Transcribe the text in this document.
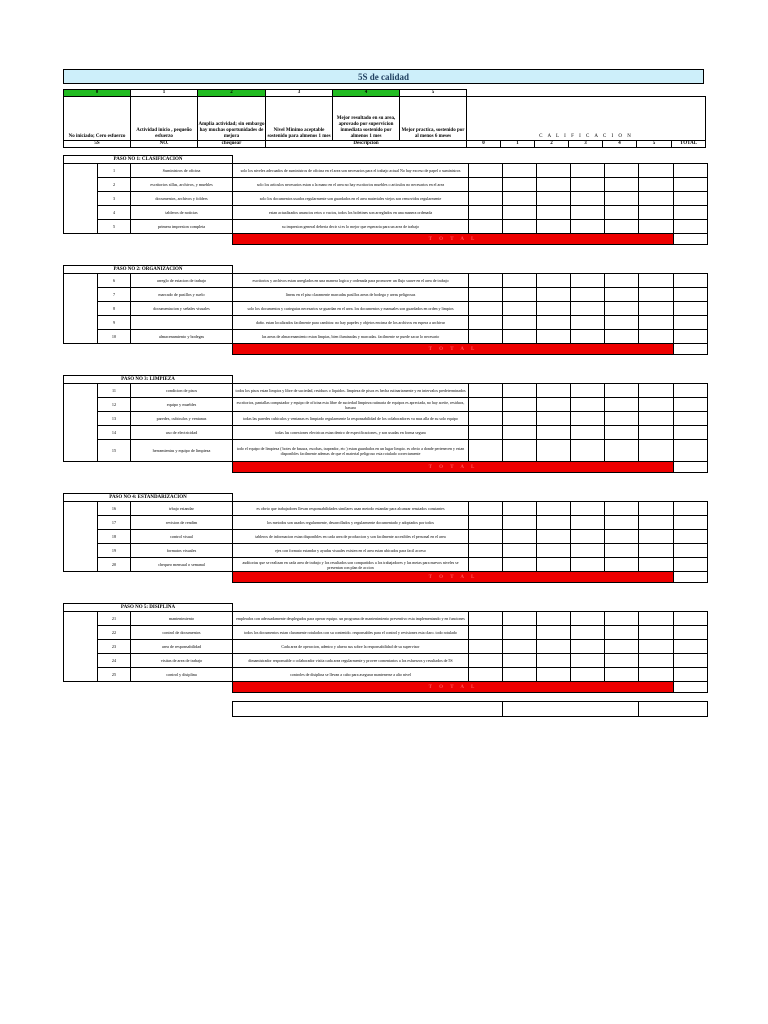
5S de calidad
0	1	2	3	4	5							
No iniciado; Cero esfuerzo	Actividad inicio , pequeño esfuerzo	Amplia actividad; sin embargo hay muchas oportunidades de mejora	Nivel Minimo aceptable sostenido para almenos 1 mes	Mejor resultado en su area, aprovado por supervicion inmediata sostenido por almenos 1 mes	Mejor practica, sostenido por al menos 6 meses	C A L I F I C A C I O N						
5S	NO.	chequear	Descripcion			0	1	2	3	4	5	TOTAL
PASO NO 1: CLASIFICACION										
	1	Suministros de oficina	solo los niveles adecuados de suministros de oficina en el area son necesarios para el trabajo actual No hay exceso de papel o suministros							
	2	escritorios sillas, archivos, y muebles	solo los articulos necesarios estan a la mano en el area no hay escritorios muebles o articulos no necesarios en el area							
	3	documentos, archivos y folders	solo los documentos usados regularmente son guardados en el area materiales viejos son removidos regularmente							
	4	tableros de noticias	estan actualizados anuncios retos o vacios, todos los boletines son arreglados en una manera ordenada							
	5	primera impresion completa	su impresion general deberia decir si es lo mejor que esperaria para un area de trabajo							
			T O T A L							

PASO NO 2: ORGANIZACION										
	6	arreglo de estacion de trabajo	escritorios y archivos estan arreglados en una manera logica y ordenada para promover un flujo suave en el area de trabajo							
	7	marcado de pasillos y suelo	lineas en el piso claramente marcadas pasillos areas de bodega y areas peligrosas							
	8	documentacion y señales visuales	solo los documentos y carteguias necesarios se guardan en el area. los documentos y manuales son guardados en orden y limpios							
	9		daño. estan localizados facilmente para cambios: no hay papeles y objetos encima de los archivos en espera a archivar							
	10	almacenamiento y bodegas	las areas de almacenamiento estan limpias, bien iluminadas y marcadas. facilmente se puede sacar lo necesario							
			T O T A L							

PASO NO 3: LIMPIEZA										
	11	condicion de pisos	todos los pisos estan limpios y libre de suciedad, residuos o liquidos. limpieza de pisos es hecha rutinariamente y en intervalos predeterminados							
	12	equipo y muebles	escritorios, pantallas computador y equipo de oficina esta libre de suciedad limpieza rutinaria de equipos es apreciada, no hay aceite, residuos, basura							
	13	paredes, cubiculos y ventanas	todas las paredes cubiculos y ventanas es limpiado regularmente la responsabilidad de los colaboradores va mas alla de su solo equipo							
	14	uso de electricidad	todas las conexiones electricas estan dentro de especificaciones, y son usadas en forma segura							
	15	herramientas y equipo de limpieza	todo el equipo de limpieza ( botes de basura, escobas, trapeador, etc ) estan guardados en un lugar limpio. es obvio a donde pertenecen y estan disponibles facilmente ademas de que el material peligroso esta rotulado correctamente							
			T O T A L							

PASO NO 4: ESTANDARIZACION										
	16	trbajo estandar	es obvio que trabajadores llevan responsabilidades similares usan metodo estandar para alcanzar resutados constantes							
	17	revision de rendim	los metodos son usados regularmente, desarrollados y regularmente documentado y adoptados por todos							
	18	control visual	tableros de informacion estan disponibles en cada area de produccion y son facilmente accesibles el personal en el area							
	19	formatos visuales	ejes con formato estandar y ayudas visuales existen en el area estan ubicados para facil acceso							
	20	chequeo mensual o semanal	auditorias que se realizan en cada area de trabajo y los resultados son compartidos a los trabajadores y las metas para nuevos niveles se presentan con plan de accion							
			T O T A L							

PASO NO 5: DISIPLINA										
	21	mantenimiento	empleados con adecuadamente desplegados para operar equipo. un programa de mantenimiento preventivo esta implementando y en funciones							
	22	control de documentos	todos los documentos estan claramente rotulados con su contenido. responsables para el control y revisiones esta claro. todo rotulado							
	23	area de responsabilidad	Cada area de operacion, adentro y afuera sus sobre la responsabilidad de su supervisor							
	24	visitas de area de trabajo	dimamistrador responsable o colaborador visita cada area regularmente y provee comentarios a los esfuerzos y resultados de 5S							
	25	control y disiplina	controles de disiplina se llevan a cabo para asegurar mantenerse a alto nivel							
			T O T A L							
